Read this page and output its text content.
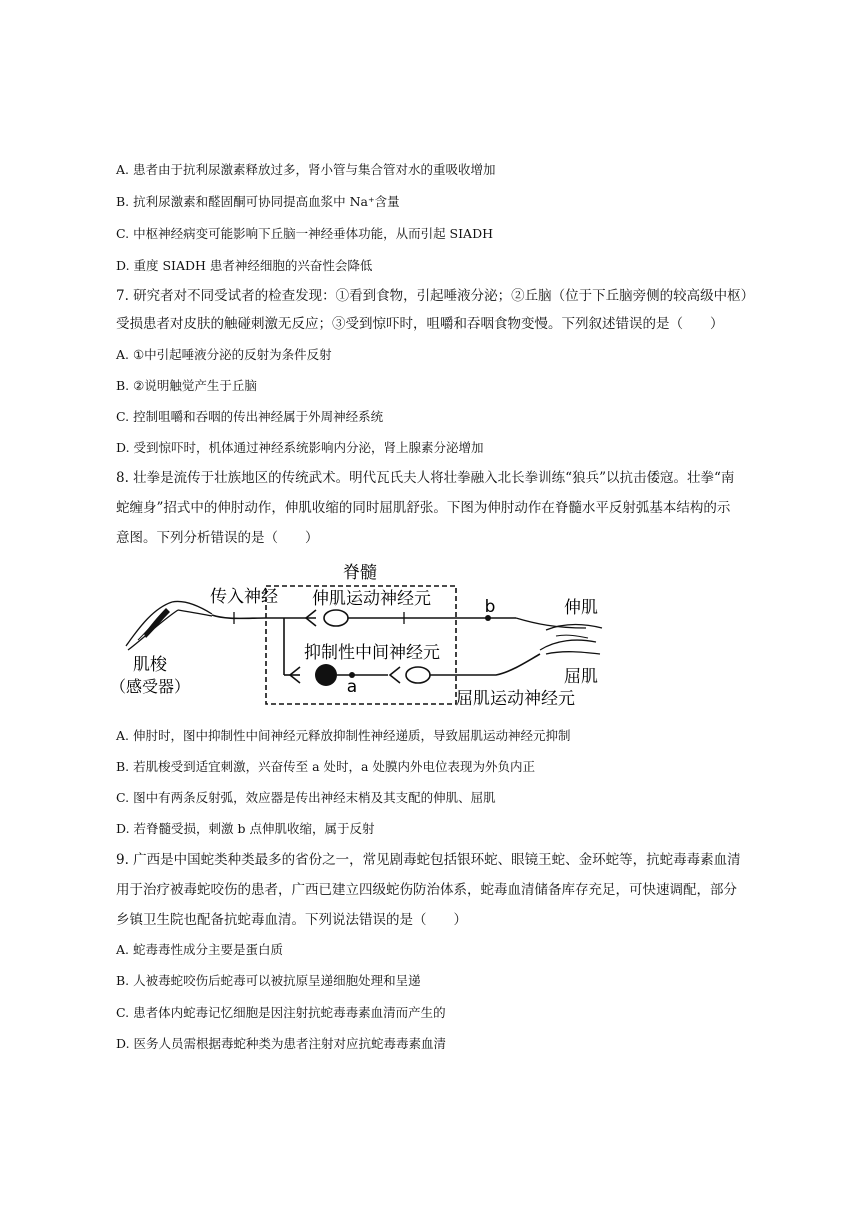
A. 患者由于抗利尿激素释放过多，肾小管与集合管对水的重吸收增加
B. 抗利尿激素和醛固酮可协同提高血浆中 Na⁺含量
C. 中枢神经病变可能影响下丘脑一神经垂体功能，从而引起 SIADH
D. 重度 SIADH 患者神经细胞的兴奋性会降低
7. 研究者对不同受试者的检查发现：①看到食物，引起唾液分泌；②丘脑（位于下丘脑旁侧的较高级中枢）
受损患者对皮肤的触碰刺激无反应；③受到惊吓时，咀嚼和吞咽食物变慢。下列叙述错误的是（　　）
A. ①中引起唾液分泌的反射为条件反射
B. ②说明触觉产生于丘脑
C. 控制咀嚼和吞咽的传出神经属于外周神经系统
D. 受到惊吓时，机体通过神经系统影响内分泌，肾上腺素分泌增加
8. 壮拳是流传于壮族地区的传统武术。明代瓦氏夫人将壮拳融入北长拳训练“狼兵”以抗击倭寇。壮拳“南
蛇缠身”招式中的伸肘动作，伸肌收缩的同时屈肌舒张。下图为伸肘动作在脊髓水平反射弧基本结构的示
意图。下列分析错误的是（　　）
脊髓
肌梭
（感受器）
传入神经 伸肌运动神经元	b
a
抑制性中间神经元
屈肌运动神经元
伸肌
屈肌
A. 伸肘时，图中抑制性中间神经元释放抑制性神经递质，导致屈肌运动神经元抑制
B. 若肌梭受到适宜刺激，兴奋传至 a 处时，a 处膜内外电位表现为外负内正
C. 图中有两条反射弧，效应器是传出神经末梢及其支配的伸肌、屈肌
D. 若脊髓受损，刺激 b 点伸肌收缩，属于反射
9. 广西是中国蛇类种类最多的省份之一，常见剧毒蛇包括银环蛇、眼镜王蛇、金环蛇等，抗蛇毒毒素血清
用于治疗被毒蛇咬伤的患者，广西已建立四级蛇伤防治体系，蛇毒血清储备库存充足，可快速调配，部分
乡镇卫生院也配备抗蛇毒血清。下列说法错误的是（　　）
A. 蛇毒毒性成分主要是蛋白质
B. 人被毒蛇咬伤后蛇毒可以被抗原呈递细胞处理和呈递
C. 患者体内蛇毒记忆细胞是因注射抗蛇毒毒素血清而产生的
D. 医务人员需根据毒蛇种类为患者注射对应抗蛇毒毒素血清
